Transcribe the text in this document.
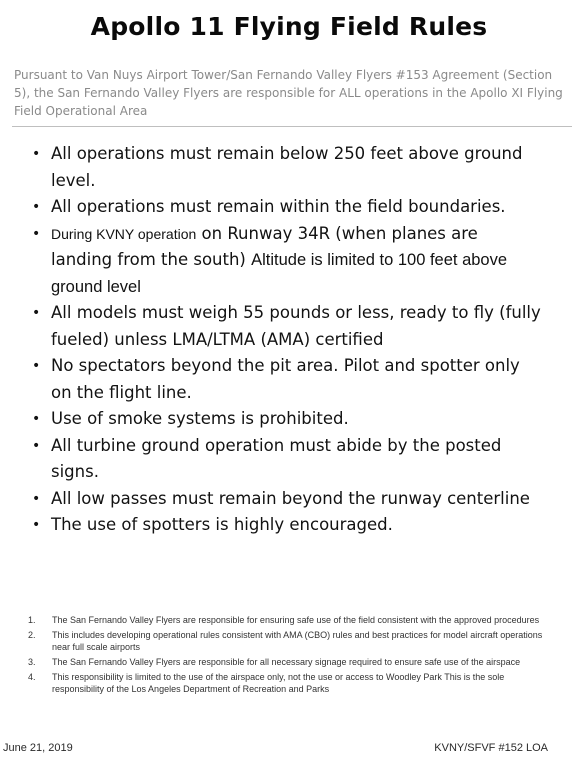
Apollo 11 Flying Field Rules
Pursuant to Van Nuys Airport Tower/San Fernando Valley Flyers #153 Agreement (Section 5), the San Fernando Valley Flyers are responsible for ALL operations in the Apollo XI Flying Field Operational Area
• All operations must remain below 250 feet above ground level.
• All operations must remain within the field boundaries.
• During KVNY operation on Runway 34R (when planes are landing from the south) Altitude is limited to 100 feet above ground level
• All models must weigh 55 pounds or less, ready to fly (fully fueled) unless LMA/LTMA (AMA) certified
• No spectators beyond the pit area. Pilot and spotter only on the flight line.
• Use of smoke systems is prohibited.
• All turbine ground operation must abide by the posted signs.
• All low passes must remain beyond the runway centerline
• The use of spotters is highly encouraged.
1. The San Fernando Valley Flyers are responsible for ensuring safe use of the field consistent with the approved procedures
2. This includes developing operational rules consistent with AMA (CBO) rules and best practices for model aircraft operations near full scale airports
3. The San Fernando Valley Flyers are responsible for all necessary signage required to ensure safe use of the airspace
4. This responsibility is limited to the use of the airspace only, not the use or access to Woodley Park This is the sole responsibility of the Los Angeles Department of Recreation and Parks
June 21, 2019	KVNY/SFVF #152 LOA
